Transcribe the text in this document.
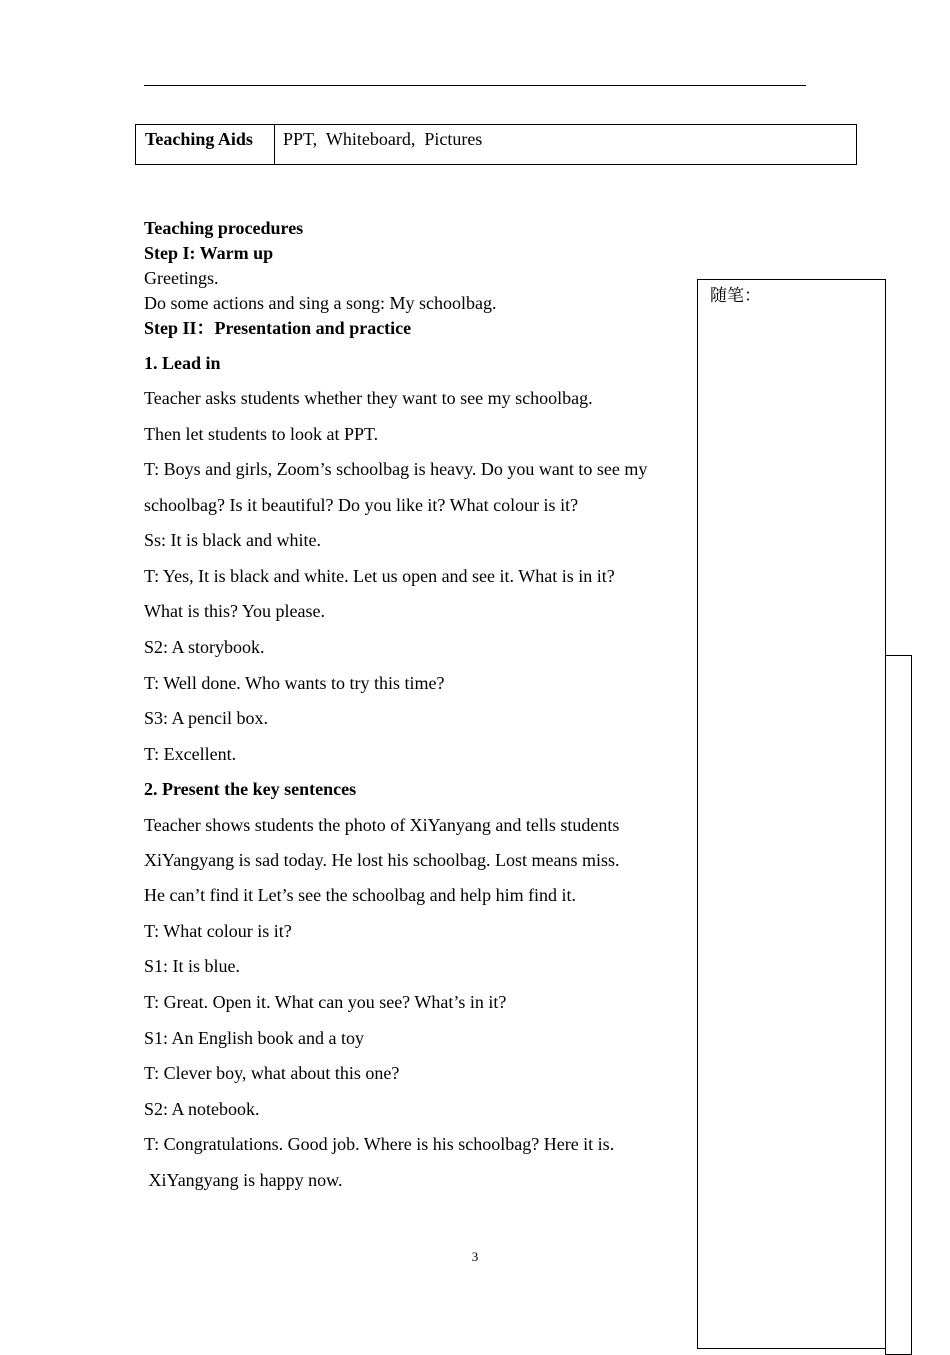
Teaching Aids	PPT,  Whiteboard,  Pictures
随笔：
Teaching procedures
Step I: Warm up
Greetings.
Do some actions and sing a song: My schoolbag.
Step II：Presentation and practice
1. Lead in
Teacher asks students whether they want to see my schoolbag.
Then let students to look at PPT.
T: Boys and girls, Zoom’s schoolbag is heavy. Do you want to see my
schoolbag? Is it beautiful? Do you like it? What colour is it?
Ss: It is black and white.
T: Yes, It is black and white. Let us open and see it. What is in it?
What is this? You please.
S2: A storybook.
T: Well done. Who wants to try this time?
S3: A pencil box.
T: Excellent.
2. Present the key sentences
Teacher shows students the photo of XiYanyang and tells students
XiYangyang is sad today. He lost his schoolbag. Lost means miss.
He can’t find it Let’s see the schoolbag and help him find it.
T: What colour is it?
S1: It is blue.
T: Great. Open it. What can you see? What’s in it?
S1: An English book and a toy
T: Clever boy, what about this one?
S2: A notebook.
T: Congratulations. Good job. Where is his schoolbag? Here it is.
XiYangyang is happy now.
3
